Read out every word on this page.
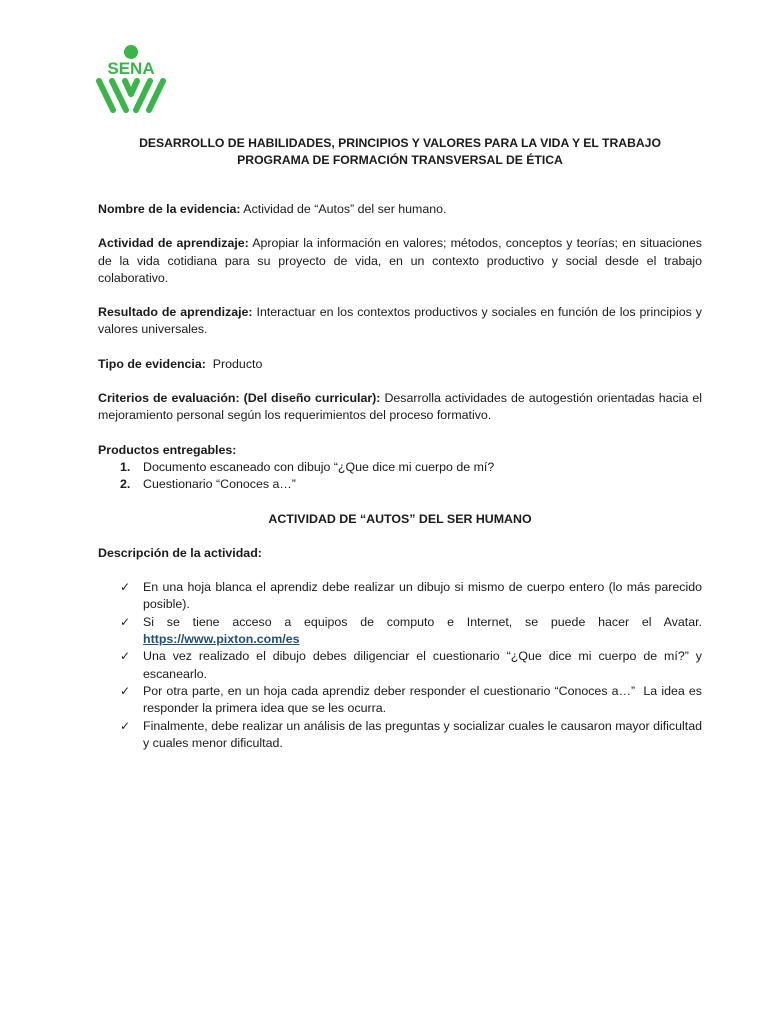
SENA
DESARROLLO DE HABILIDADES, PRINCIPIOS Y VALORES PARA LA VIDA Y EL TRABAJO
PROGRAMA DE FORMACIÓN TRANSVERSAL DE ÉTICA

Nombre de la evidencia: Actividad de “Autos” del ser humano.

Actividad de aprendizaje: Apropiar la información en valores; métodos, conceptos y teorías; en situaciones de la vida cotidiana para su proyecto de vida, en un contexto productivo y social desde el trabajo colaborativo.

Resultado de aprendizaje: Interactuar en los contextos productivos y sociales en función de los principios y valores universales.

Tipo de evidencia:  Producto

Criterios de evaluación: (Del diseño curricular): Desarrolla actividades de autogestión orientadas hacia el mejoramiento personal según los requerimientos del proceso formativo.

Productos entregables:

1. Documento escaneado con dibujo “¿Que dice mi cuerpo de mí?
2. Cuestionario “Conoces a…”

ACTIVIDAD DE “AUTOS” DEL SER HUMANO

Descripción de la actividad:

✓ En una hoja blanca el aprendiz debe realizar un dibujo si mismo de cuerpo entero (lo más parecido posible).
✓ Si se tiene acceso a equipos de computo e Internet, se puede hacer el Avatar. https://www.pixton.com/es
✓ Una vez realizado el dibujo debes diligenciar el cuestionario “¿Que dice mi cuerpo de mí?” y escanearlo.
✓ Por otra parte, en un hoja cada aprendiz deber responder el cuestionario “Conoces a…”  La idea es responder la primera idea que se les ocurra.
✓ Finalmente, debe realizar un análisis de las preguntas y socializar cuales le causaron mayor dificultad y cuales menor dificultad.
